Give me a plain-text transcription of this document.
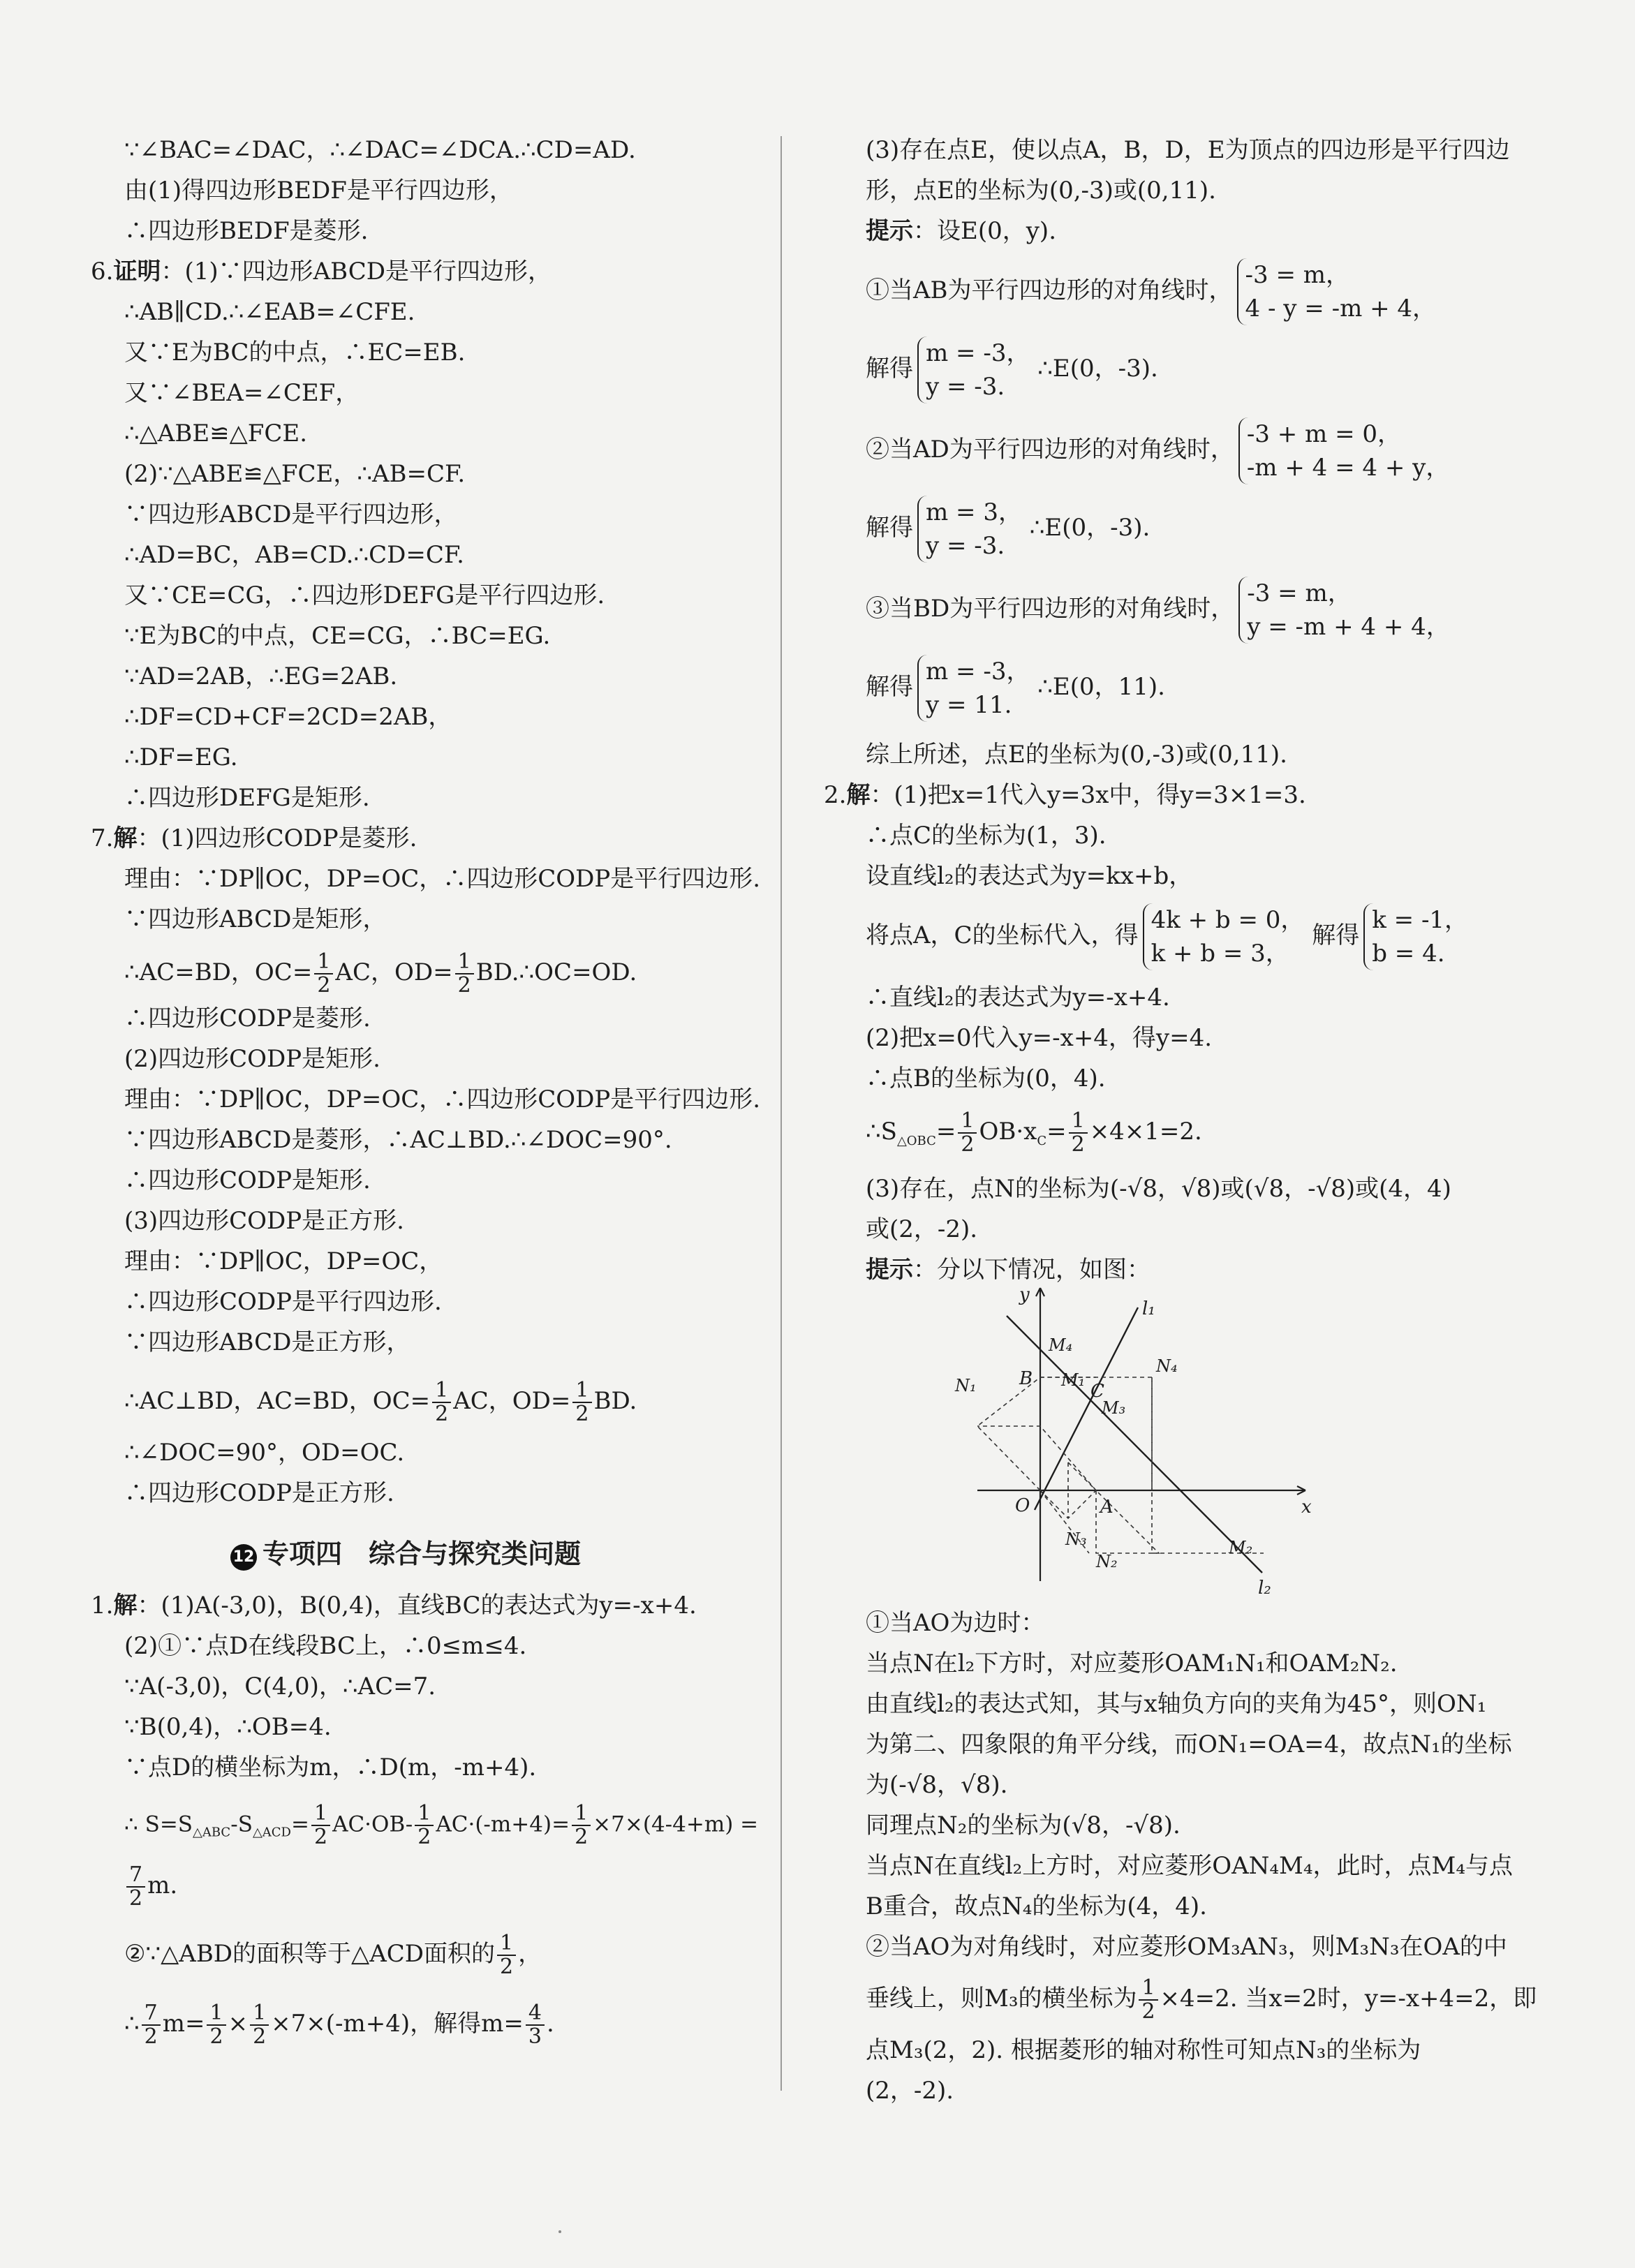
∵∠BAC=∠DAC，∴∠DAC=∠DCA.∴CD=AD.
由(1)得四边形BEDF是平行四边形，
∴四边形BEDF是菱形.
6.证明：(1)∵四边形ABCD是平行四边形，
∴AB∥CD.∴∠EAB=∠CFE.
又∵E为BC的中点，∴EC=EB.
又∵∠BEA=∠CEF，
∴△ABE≌△FCE.
(2)∵△ABE≌△FCE，∴AB=CF.
∵四边形ABCD是平行四边形，
∴AD=BC，AB=CD.∴CD=CF.
又∵CE=CG，∴四边形DEFG是平行四边形.
∵E为BC的中点，CE=CG，∴BC=EG.
∵AD=2AB，∴EG=2AB.
∴DF=CD+CF=2CD=2AB，
∴DF=EG.
∴四边形DEFG是矩形.
7.解：(1)四边形CODP是菱形.
理由：∵DP∥OC，DP=OC，∴四边形CODP是平行四边形.
∵四边形ABCD是矩形，
∴AC=BD，$OC= \frac{1}{2}$ AC，$OD= \frac{1}{2}$ BD.∴OC=OD.
∴四边形CODP是菱形.
(2)四边形CODP是矩形.
理由：∵DP∥OC，DP=OC，∴四边形CODP是平行四边形.
∵四边形ABCD是菱形，∴AC⊥BD.∴∠DOC=90°.
∴四边形CODP是矩形.
(3)四边形CODP是正方形.
理由：∵DP∥OC，DP=OC，
∴四边形CODP是平行四边形.
∵四边形ABCD是正方形，
∴AC⊥BD，AC=BD，$OC= \frac{1}{2}$ AC，$OD= \frac{1}{2}$ BD.
∴∠DOC=90°，OD=OC.
∴四边形CODP是正方形.
12 专项四　综合与探究类问题
1.解：(1)A(-3,0)，B(0,4)，直线BC的表达式为y=-x+4.
(2)①∵点D在线段BC上，∴0≤m≤4.
∵A(-3,0)，C(4,0)，∴AC=7.
∵B(0,4)，∴OB=4.
∵点D的横坐标为m，∴D(m，-m+4).
∴ $S=S_{\triangle ABC}-S_{\triangle ACD}= \frac{1}{2} AC\cdot OB- \frac{1}{2} AC\cdot(-m+4)= \frac{1}{2} \times 7\times(4-4+m)$ =
$\frac{7}{2} m$.
②∵△ABD的面积等于△ACD面积的 $\frac{1}{2}$ ，
∴ $\frac{7}{2} m= \frac{1}{2} \times \frac{1}{2} \times 7\times(-m+4)$，解得$m= \frac{4}{3}$ .
(3)存在点E，使以点A，B，D，E为顶点的四边形是平行四边
形，点E的坐标为(0,-3)或(0,11).
提示：设E(0，y).
①当AB为平行四边形的对角线时，
-3 = m，
4 - y = -m + 4，
解得
m = -3，
y = -3.
∴E(0，-3).
②当AD为平行四边形的对角线时，
-3 + m = 0，
-m + 4 = 4 + y，
解得
m = 3，
y = -3.
∴E(0，-3).
③当BD为平行四边形的对角线时，
-3 = m，
y = -m + 4 + 4，
解得
m = -3，
y = 11.
∴E(0，11).
综上所述，点E的坐标为(0,-3)或(0,11).
2.解：(1)把x=1代入y=3x中，得y=3×1=3.
∴点C的坐标为(1，3).
设直线l₂的表达式为y=kx+b，
将点A，C的坐标代入，得
4k + b = 0，
k + b = 3，
解得
k = -1，
b = 4.
∴直线l₂的表达式为y=-x+4.
(2)把x=0代入y=-x+4，得y=4.
∴点B的坐标为(0，4).
$\therefore S_{\triangle OBC}= \frac{1}{2} OB\cdot x_C= \frac{1}{2} \times 4\times 1=2$.
(3)存在，点N的坐标为(-√8，√8)或(√8，-√8)或(4，4)
或(2，-2).
提示：分以下情况，如图：
①当AO为边时：
当点N在l₂下方时，对应菱形OAM₁N₁和OAM₂N₂.
由直线l₂的表达式知，其与x轴负方向的夹角为45°，则ON₁
为第二、四象限的角平分线，而ON₁=OA=4，故点N₁的坐标
为(-√8，√8).
同理点N₂的坐标为(√8，-√8).
当点N在直线l₂上方时，对应菱形OAN₄M₄，此时，点M₄与点
B重合，故点N₄的坐标为(4，4).
②当AO为对角线时，对应菱形OM₃AN₃，则M₃N₃在OA的中
垂线上，则M₃的横坐标为 $\frac{1}{2} \times 4=2$. 当x=2时，y=-x+4=2，即
点M₃(2，2). 根据菱形的轴对称性可知点N₃的坐标为
(2，-2).
y
x
O	A
B
C
l₁
l₂
M₁
M₂
M₃
M₄
N₁
N₂
N₃
N₄
